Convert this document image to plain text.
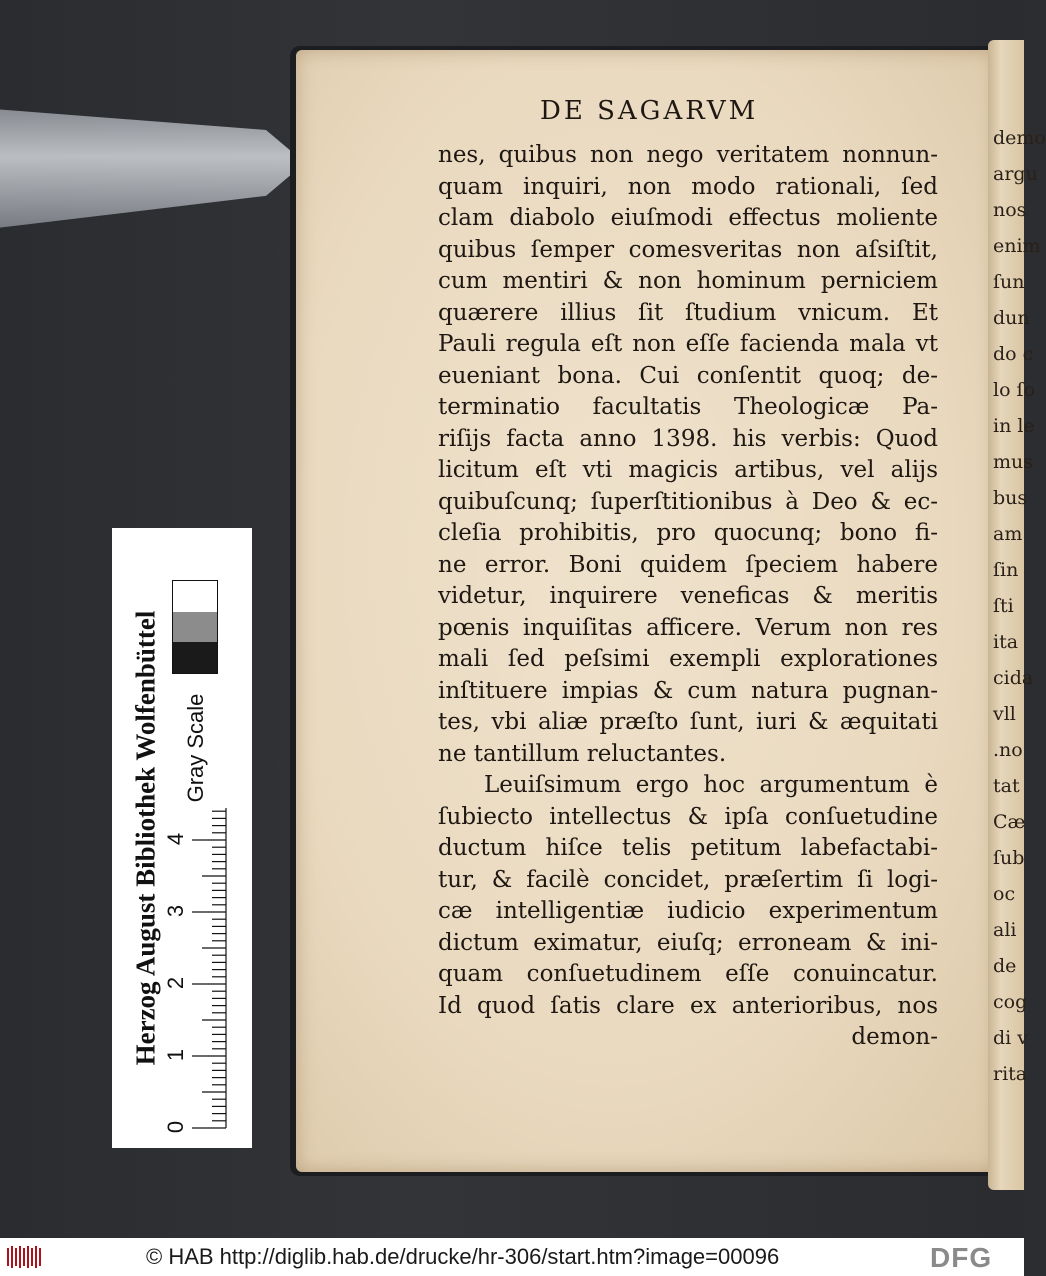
demo
argu
nos
enim
ſun
dun
do c
lo ſo
in le
mus
bus
am
ſin
ſti
ita
cida
vll
.no
tat
Cæ
ſub
oc
ali
de
cog
di v
rita
DE SAGARVM
nes, quibus non nego veritatem nonnun-
quam inquiri, non modo rationali, ſed
clam diabolo eiuſmodi effectus moliente
quibus ſemper comesveritas non aſsiſtit,
cum mentiri & non hominum perniciem
quærere illius ſit ſtudium vnicum. Et
Pauli regula eſt non eſſe facienda mala vt
eueniant bona. Cui conſentit quoq; de-
terminatio facultatis Theologicæ Pa-
riſijs facta anno 1398. his verbis: Quod
licitum eſt vti magicis artibus, vel alijs
quibuſcunq; ſuperſtitionibus à Deo & ec-
cleſia prohibitis, pro quocunq; bono fi-
ne error. Boni quidem ſpeciem habere
videtur, inquirere veneficas & meritis
pœnis inquiſitas afficere. Verum non res
mali ſed peſsimi exempli explorationes
inſtituere impias & cum natura pugnan-
tes, vbi aliæ præſto ſunt, iuri & æquitati
ne tantillum reluctantes.
Leuiſsimum ergo hoc argumentum è
ſubiecto intellectus & ipſa conſuetudine
ductum hiſce telis petitum labefactabi-
tur, & facilè concidet, præſertim ſi logi-
cæ intelligentiæ iudicio experimentum
dictum eximatur, eiuſq; erroneam & ini-
quam conſuetudinem eſſe conuincatur.
Id quod ſatis clare ex anterioribus, nos
demon-
Herzog August Bibliothek Wolfenbüttel Gray Scale
0
1
2
3
4
© HAB http://diglib.hab.de/drucke/hr-306/start.htm?image=00096	DFG
